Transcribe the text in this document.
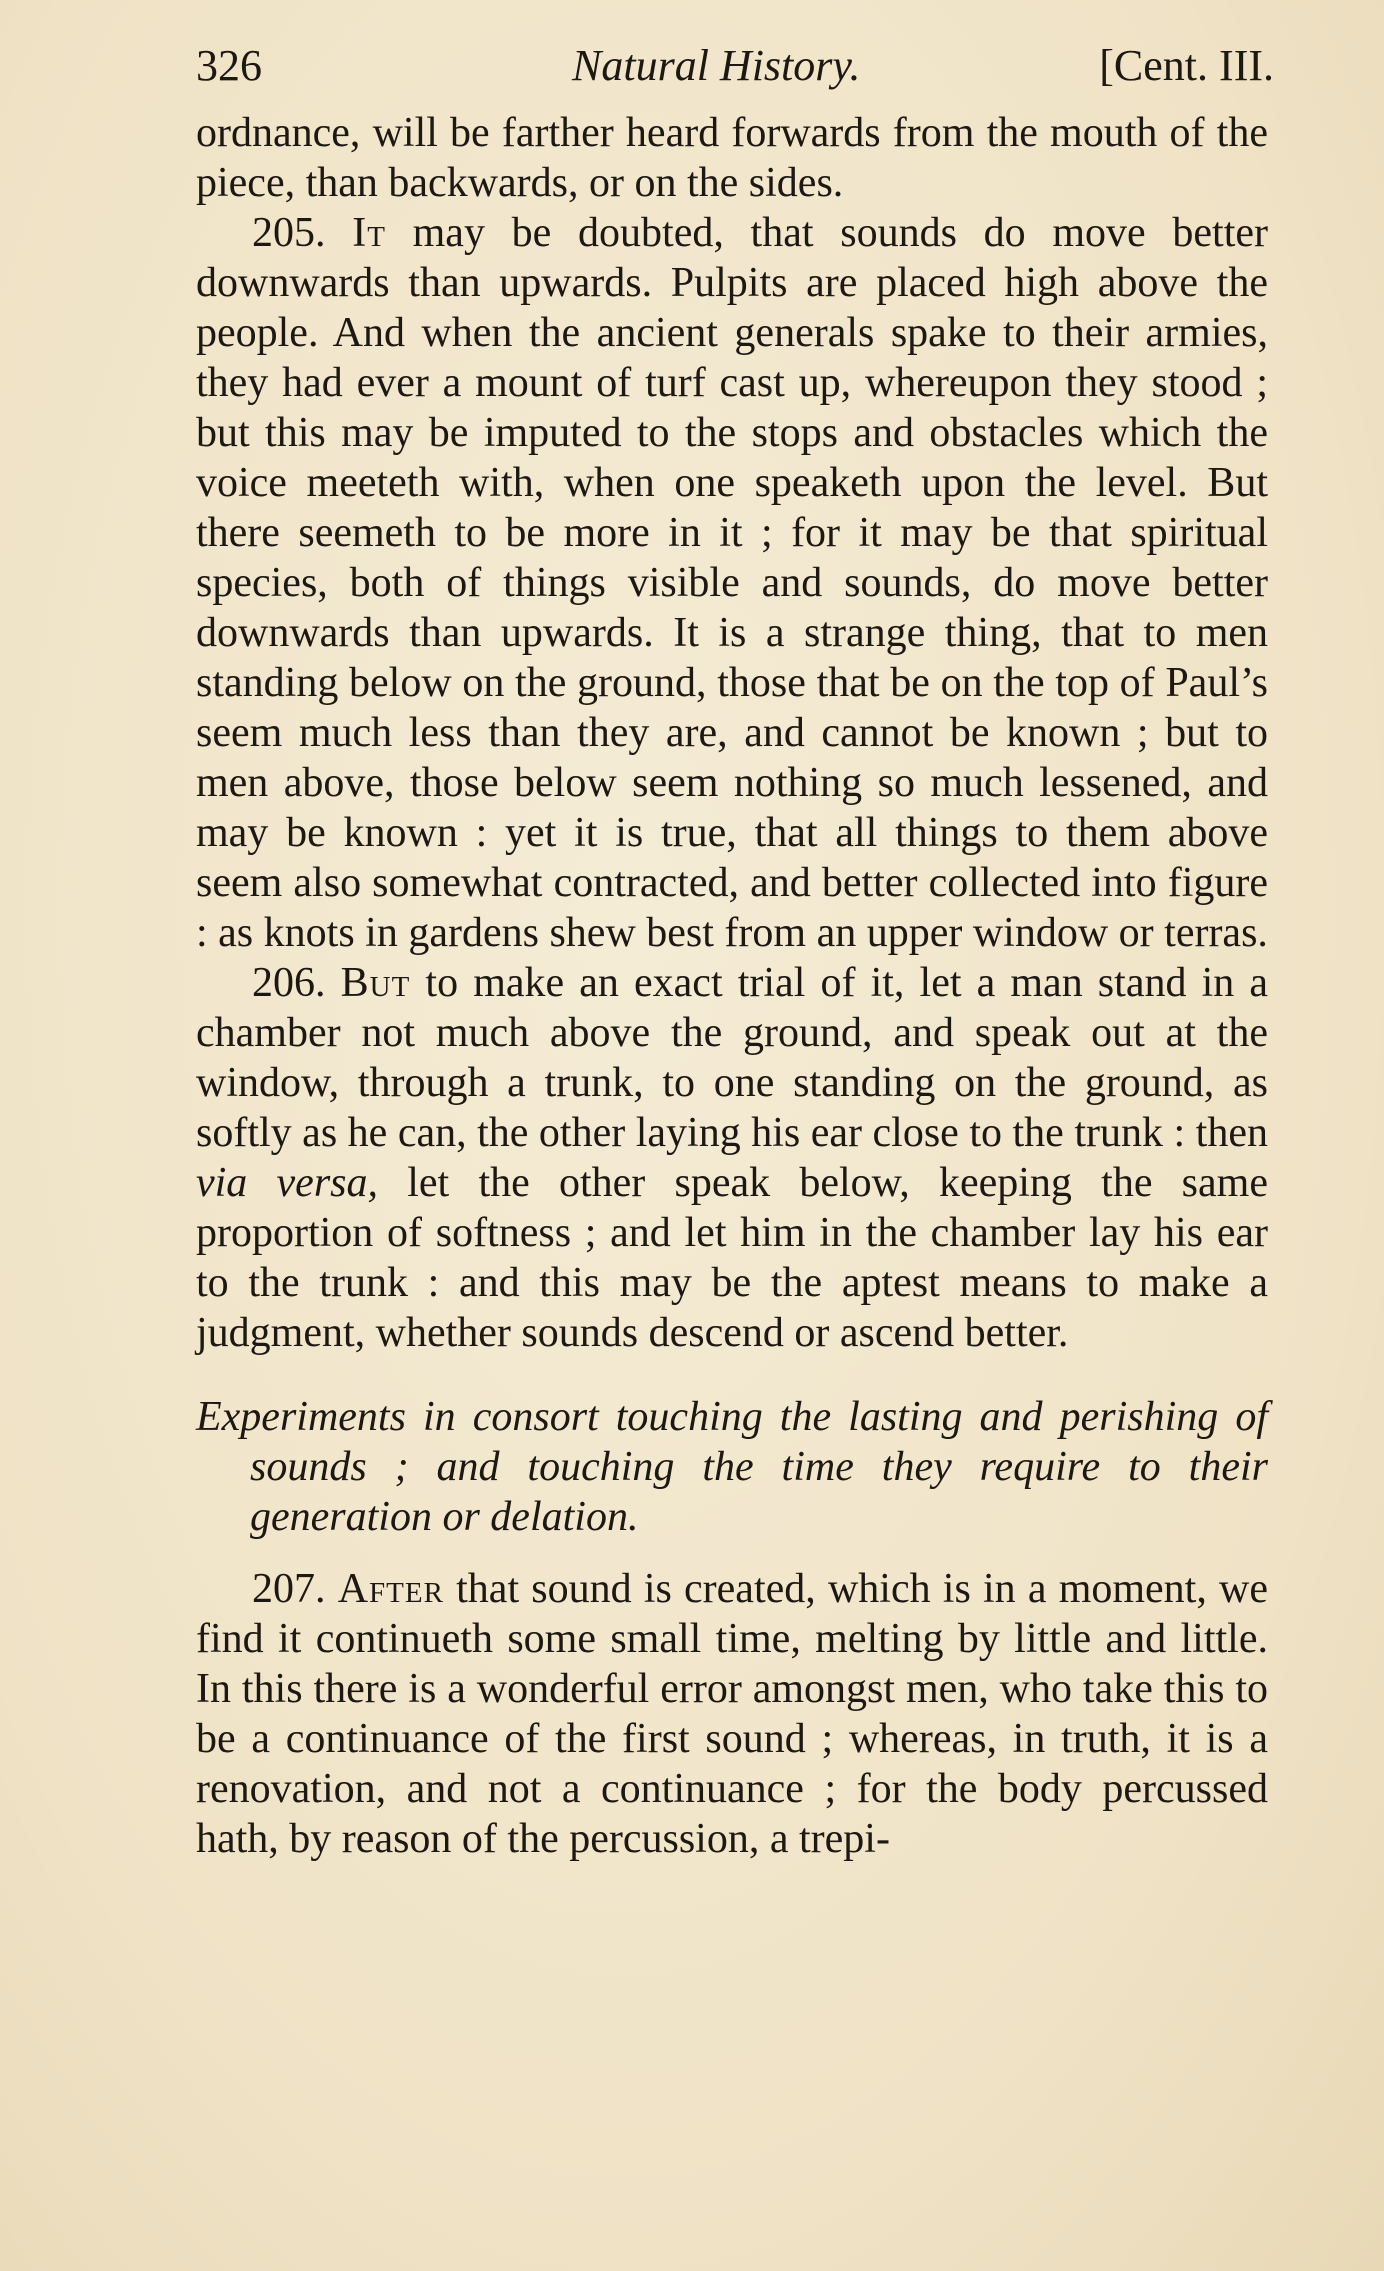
326	Natural History.	[Cent. III.

ordnance, will be farther heard forwards from the mouth of the piece, than backwards, or on the sides.

205. It may be doubted, that sounds do move better downwards than upwards. Pulpits are placed high above the people. And when the ancient generals spake to their armies, they had ever a mount of turf cast up, whereupon they stood ; but this may be imputed to the stops and obstacles which the voice meeteth with, when one speaketh upon the level. But there seemeth to be more in it ; for it may be that spiritual species, both of things visible and sounds, do move better downwards than upwards. It is a strange thing, that to men standing below on the ground, those that be on the top of Paul’s seem much less than they are, and cannot be known ; but to men above, those below seem nothing so much lessened, and may be known : yet it is true, that all things to them above seem also somewhat contracted, and better collected into figure : as knots in gardens shew best from an upper window or terras.

206. But to make an exact trial of it, let a man stand in a chamber not much above the ground, and speak out at the window, through a trunk, to one standing on the ground, as softly as he can, the other laying his ear close to the trunk : then via versa, let the other speak below, keeping the same proportion of softness ; and let him in the chamber lay his ear to the trunk : and this may be the aptest means to make a judgment, whether sounds descend or ascend better.

Experiments in consort touching the lasting and perishing of sounds ; and touching the time they require to their generation or delation.

207. After that sound is created, which is in a moment, we find it continueth some small time, melting by little and little. In this there is a wonderful error amongst men, who take this to be a continuance of the first sound ; whereas, in truth, it is a renovation, and not a continuance ; for the body percussed hath, by reason of the percussion, a trepi-
